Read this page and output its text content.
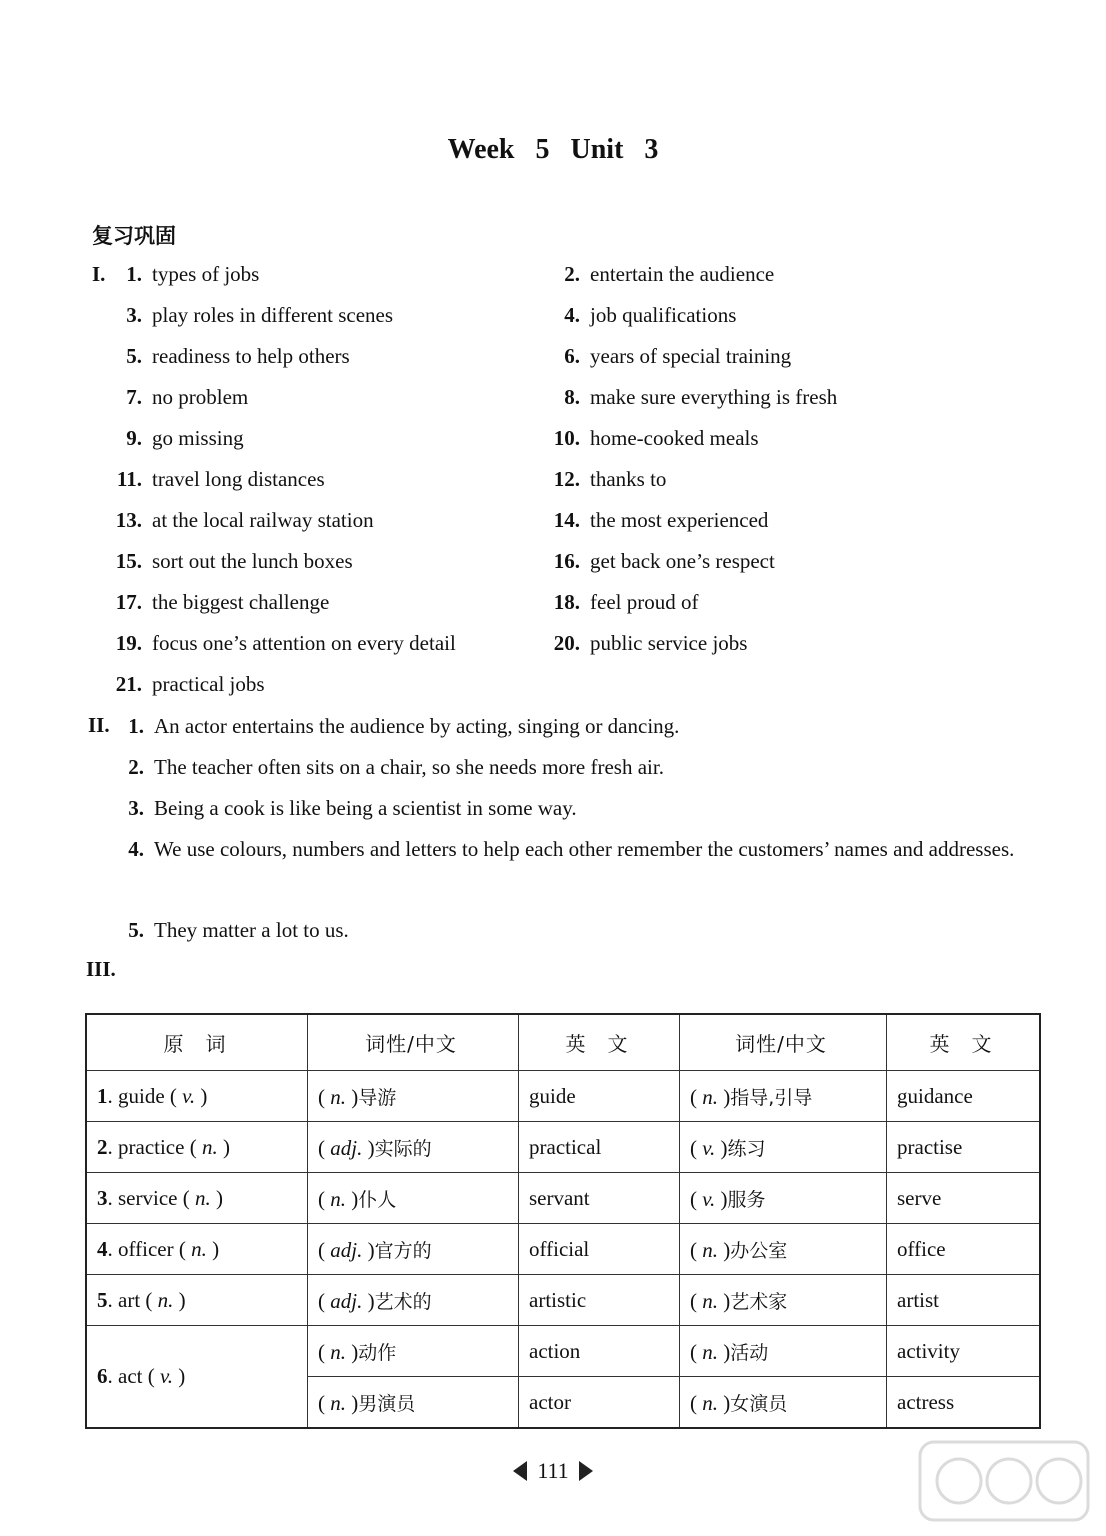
Week 5 Unit 3
复习巩固
I. 1 . types of jobs	2 . entertain the audience
3 . play roles in different scenes	4 . job qualifications
5 . readiness to help others	6 . years of special training
7 . no problem	8 . make sure everything is fresh
9 . go missing	10 . home-cooked meals
11 . travel long distances	12 . thanks to
13 . at the local railway station	14 . the most experienced
15 . sort out the lunch boxes	16 . get back one’s respect
17 . the biggest challenge	18 . feel proud of
19 . focus one’s attention on every detail	20 . public service jobs
21 . practical jobs
II. 1 . An actor entertains the audience by acting, singing or dancing.
2 . The teacher often sits on a chair, so she needs more fresh air.
3 . Being a cook is like being a scientist in some way.
4 . We use colours, numbers and letters to help each other remember the customers’ names and addresses.
5 . They matter a lot to us.
III.
原　词	词性/中文	英　文	词性/中文	英　文
1. guide ( v. )	( n. )导游	guide	( n. )指导,引导	guidance
2. practice ( n. )	( adj. )实际的	practical	( v. )练习	practise
3. service ( n. )	( n. )仆人	servant	( v. )服务	serve
4. officer ( n. )	( adj. )官方的	official	( n. )办公室	office
5. art ( n. )	( adj. )艺术的	artistic	( n. )艺术家	artist
6. act ( v. )	( n. )动作	action	( n. )活动	activity
	( n. )男演员	actor	( n. )女演员	actress
111
